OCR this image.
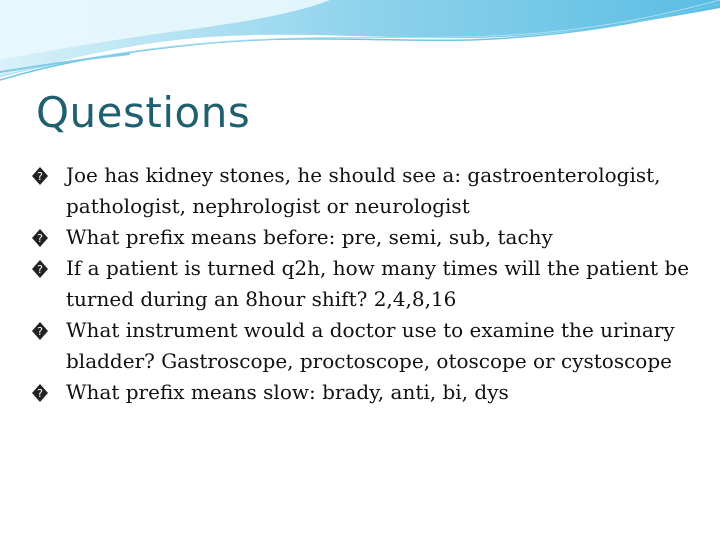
Questions
? Joe has kidney stones, he should see a: gastroenterologist, pathologist, nephrologist or neurologist
? What prefix means before: pre, semi, sub, tachy
? If a patient is turned q2h, how many times will the patient be turned during an 8hour shift? 2,4,8,16
? What instrument would a doctor use to examine the urinary bladder? Gastroscope, proctoscope, otoscope or cystoscope
? What prefix means slow: brady, anti, bi, dys
